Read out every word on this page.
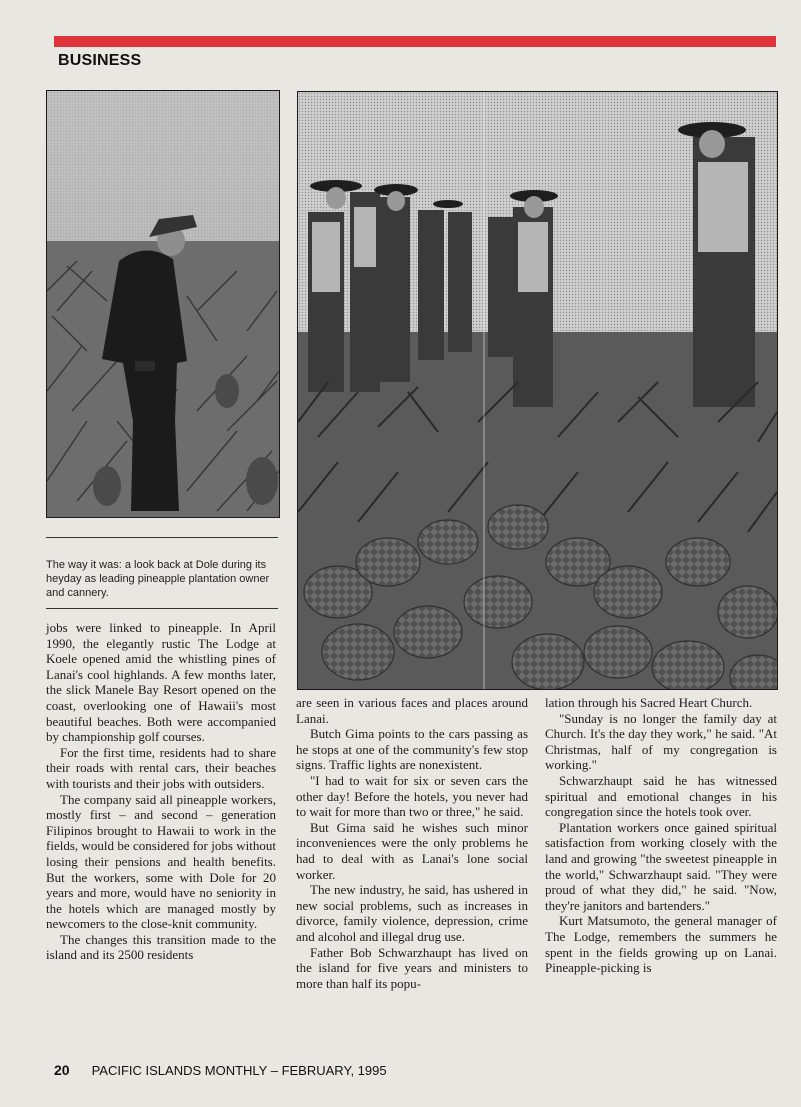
BUSINESS
The way it was: a look back at Dole during its heyday as leading pineapple plantation owner and cannery.

jobs were linked to pineapple. In April 1990, the elegantly rustic The Lodge at Koele opened amid the whistling pines of Lanai's cool highlands. A few months later, the slick Manele Bay Resort opened on the coast, overlooking one of Hawaii's most beautiful beaches. Both were accompanied by championship golf courses.

For the first time, residents had to share their roads with rental cars, their beaches with tourists and their jobs with outsiders.

The company said all pineapple workers, mostly first – and second – generation Filipinos brought to Hawaii to work in the fields, would be considered for jobs without losing their pensions and health benefits. But the workers, some with Dole for 20 years and more, would have no seniority in the hotels which are managed mostly by newcomers to the close-knit community.

The changes this transition made to the island and its 2500 residents

are seen in various faces and places around Lanai.

Butch Gima points to the cars passing as he stops at one of the community's few stop signs. Traffic lights are nonexistent.

"I had to wait for six or seven cars the other day! Before the hotels, you never had to wait for more than two or three," he said.

But Gima said he wishes such minor inconveniences were the only problems he had to deal with as Lanai's lone social worker.

The new industry, he said, has ushered in new social problems, such as increases in divorce, family violence, depression, crime and alcohol and illegal drug use.

Father Bob Schwarzhaupt has lived on the island for five years and ministers to more than half its popu-

lation through his Sacred Heart Church.

"Sunday is no longer the family day at Church. It's the day they work," he said. "At Christmas, half of my congregation is working."

Schwarzhaupt said he has witnessed spiritual and emotional changes in his congregation since the hotels took over.

Plantation workers once gained spiritual satisfaction from working closely with the land and growing "the sweetest pineapple in the world," Schwarzhaupt said. "They were proud of what they did," he said. "Now, they're janitors and bartenders."

Kurt Matsumoto, the general manager of The Lodge, remembers the summers he spent in the fields growing up on Lanai. Pineapple-picking is

20 PACIFIC ISLANDS MONTHLY – FEBRUARY, 1995
